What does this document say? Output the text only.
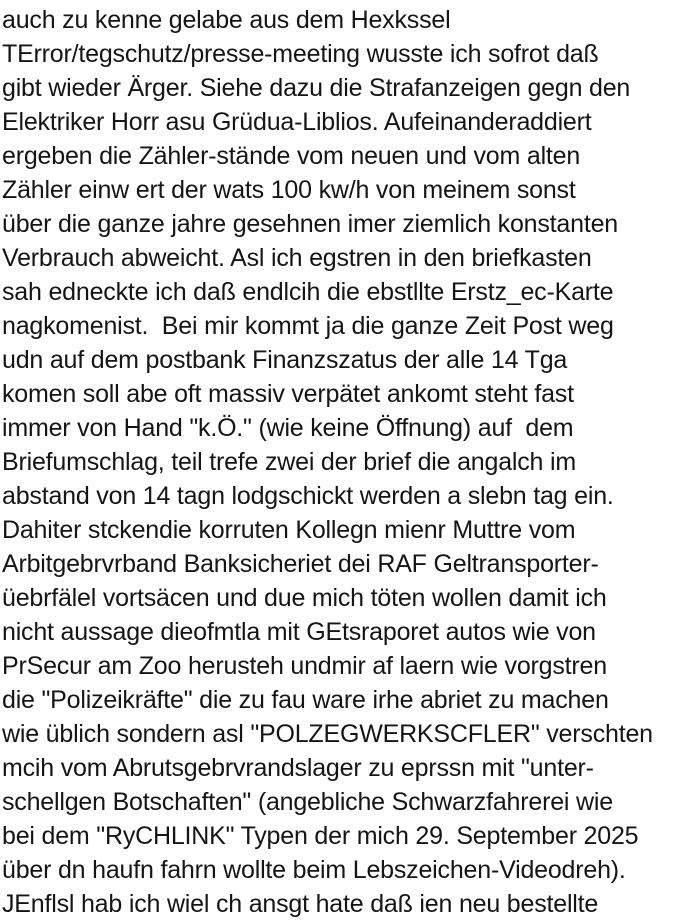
auch zu kenne gelabe aus dem Hexkssel
TError/tegschutz/presse-meeting wusste ich sofrot daß
gibt wieder Ärger. Siehe dazu die Strafanzeigen gegn den
Elektriker Horr asu Grüdua-Liblios. Aufeinanderaddiert
ergeben die Zähler-stände vom neuen und vom alten
Zähler einw ert der wats 100 kw/h von meinem sonst
über die ganze jahre gesehnen imer ziemlich konstanten
Verbrauch abweicht. Asl ich egstren in den briefkasten
sah edneckte ich daß endlcih die ebstllte Erstz_ec-Karte
nagkomenist.  Bei mir kommt ja die ganze Zeit Post weg
udn auf dem postbank Finanzszatus der alle 14 Tga
komen soll abe oft massiv verpätet ankomt steht fast
immer von Hand "k.Ö." (wie keine Öffnung) auf  dem
Briefumschlag, teil trefe zwei der brief die angalch im
abstand von 14 tagn lodgschickt werden a slebn tag ein.
Dahiter stckendie korruten Kollegn mienr Muttre vom
Arbitgebrvrband Banksicheriet dei RAF Geltransporter-
üebrfälel vortsäcen und due mich töten wollen damit ich
nicht aussage dieofmtla mit GEtsraporet autos wie von
PrSecur am Zoo herusteh undmir af laern wie vorgstren
die "Polizeikräfte" die zu fau ware irhe abriet zu machen
wie üblich sondern asl "POLZEGWERKSCFLER" verschten
mcih vom Abrutsgebrvrandslager zu eprssn mit "unter-
schellgen Botschaften" (angebliche Schwarzfahrerei wie
bei dem "RyCHLINK" Typen der mich 29. September 2025
über dn haufn fahrn wollte beim Lebszeichen-Videodreh).
JEnflsl hab ich wiel ch ansgt hate daß ien neu bestellte
